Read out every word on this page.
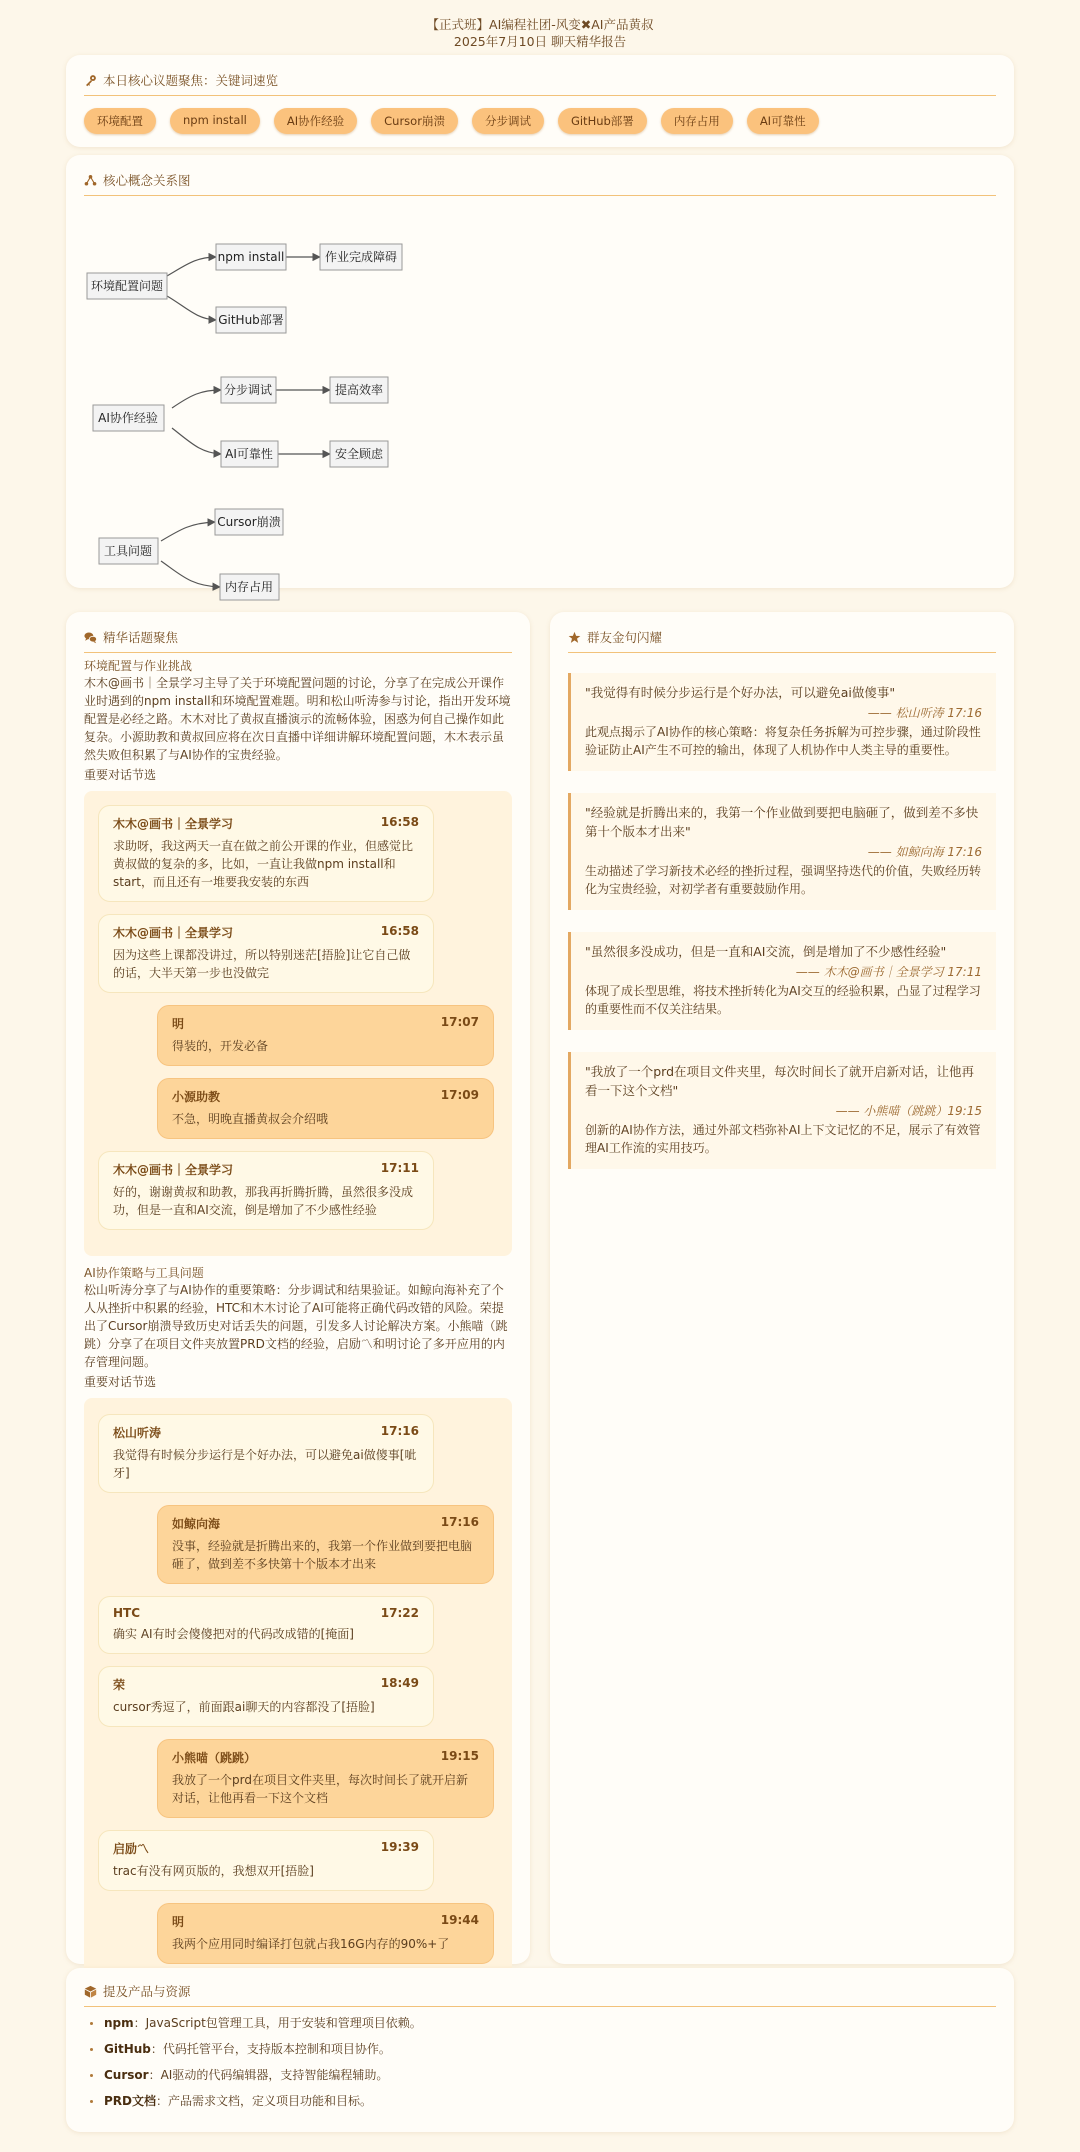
【正式班】AI编程社团-风变✖AI产品黄叔
2025年7月10日 聊天精华报告
本日核心议题聚焦：关键词速览
环境配置	npm install	AI协作经验	Cursor崩溃	分步调试	GitHub部署	内存占用	AI可靠性
核心概念关系图
环境配置问题
npm install	作业完成障碍
GitHub部署
AI协作经验
分步调试	提高效率
AI可靠性	安全顾虑
工具问题
Cursor崩溃
内存占用
精华话题聚焦
环境配置与作业挑战
木木@画书｜全景学习主导了关于环境配置问题的讨论，分享了在完成公开课作业时遇到的npm install和环境配置难题。明和松山听涛参与讨论，指出开发环境配置是必经之路。木木对比了黄叔直播演示的流畅体验，困惑为何自己操作如此复杂。小源助教和黄叔回应将在次日直播中详细讲解环境配置问题，木木表示虽然失败但积累了与AI协作的宝贵经验。
重要对话节选
木木@画书｜全景学习	16:58
求助呀，我这两天一直在做之前公开课的作业，但感觉比黄叔做的复杂的多，比如，一直让我做npm install和start，而且还有一堆要我安装的东西
木木@画书｜全景学习	16:58
因为这些上课都没讲过，所以特别迷茫[捂脸]让它自己做的话，大半天第一步也没做完
明	17:07
得装的，开发必备
小源助教	17:09
不急，明晚直播黄叔会介绍哦
木木@画书｜全景学习	17:11
好的，谢谢黄叔和助教，那我再折腾折腾，虽然很多没成功，但是一直和AI交流，倒是增加了不少感性经验
AI协作策略与工具问题
松山听涛分享了与AI协作的重要策略：分步调试和结果验证。如鲸向海补充了个人从挫折中积累的经验，HTC和木木讨论了AI可能将正确代码改错的风险。荣提出了Cursor崩溃导致历史对话丢失的问题，引发多人讨论解决方案。小熊喵（跳跳）分享了在项目文件夹放置PRD文档的经验，启励〽和明讨论了多开应用的内存管理问题。
重要对话节选
松山听涛	17:16
我觉得有时候分步运行是个好办法，可以避免ai做傻事[呲牙]
如鲸向海	17:16
没事，经验就是折腾出来的，我第一个作业做到要把电脑砸了，做到差不多快第十个版本才出来
HTC	17:22
确实 AI有时会傻傻把对的代码改成错的[掩面]
荣	18:49
cursor秀逗了，前面跟ai聊天的内容都没了[捂脸]
小熊喵（跳跳）	19:15
我放了一个prd在项目文件夹里，每次时间长了就开启新对话，让他再看一下这个文档
启励〽	19:39
trac有没有网页版的，我想双开[捂脸]
明	19:44
我两个应用同时编译打包就占我16G内存的90%+了
群友金句闪耀
"我觉得有时候分步运行是个好办法，可以避免ai做傻事"
—— 松山听涛 17:16
此观点揭示了AI协作的核心策略：将复杂任务拆解为可控步骤，通过阶段性验证防止AI产生不可控的输出，体现了人机协作中人类主导的重要性。
"经验就是折腾出来的，我第一个作业做到要把电脑砸了，做到差不多快第十个版本才出来"
—— 如鲸向海 17:16
生动描述了学习新技术必经的挫折过程，强调坚持迭代的价值，失败经历转化为宝贵经验，对初学者有重要鼓励作用。
"虽然很多没成功，但是一直和AI交流，倒是增加了不少感性经验"
—— 木木@画书｜全景学习 17:11
体现了成长型思维，将技术挫折转化为AI交互的经验积累，凸显了过程学习的重要性而不仅关注结果。
"我放了一个prd在项目文件夹里，每次时间长了就开启新对话，让他再看一下这个文档"
—— 小熊喵（跳跳）19:15
创新的AI协作方法，通过外部文档弥补AI上下文记忆的不足，展示了有效管理AI工作流的实用技巧。
提及产品与资源
npm：JavaScript包管理工具，用于安装和管理项目依赖。
GitHub：代码托管平台，支持版本控制和项目协作。
Cursor：AI驱动的代码编辑器，支持智能编程辅助。
PRD文档：产品需求文档，定义项目功能和目标。
